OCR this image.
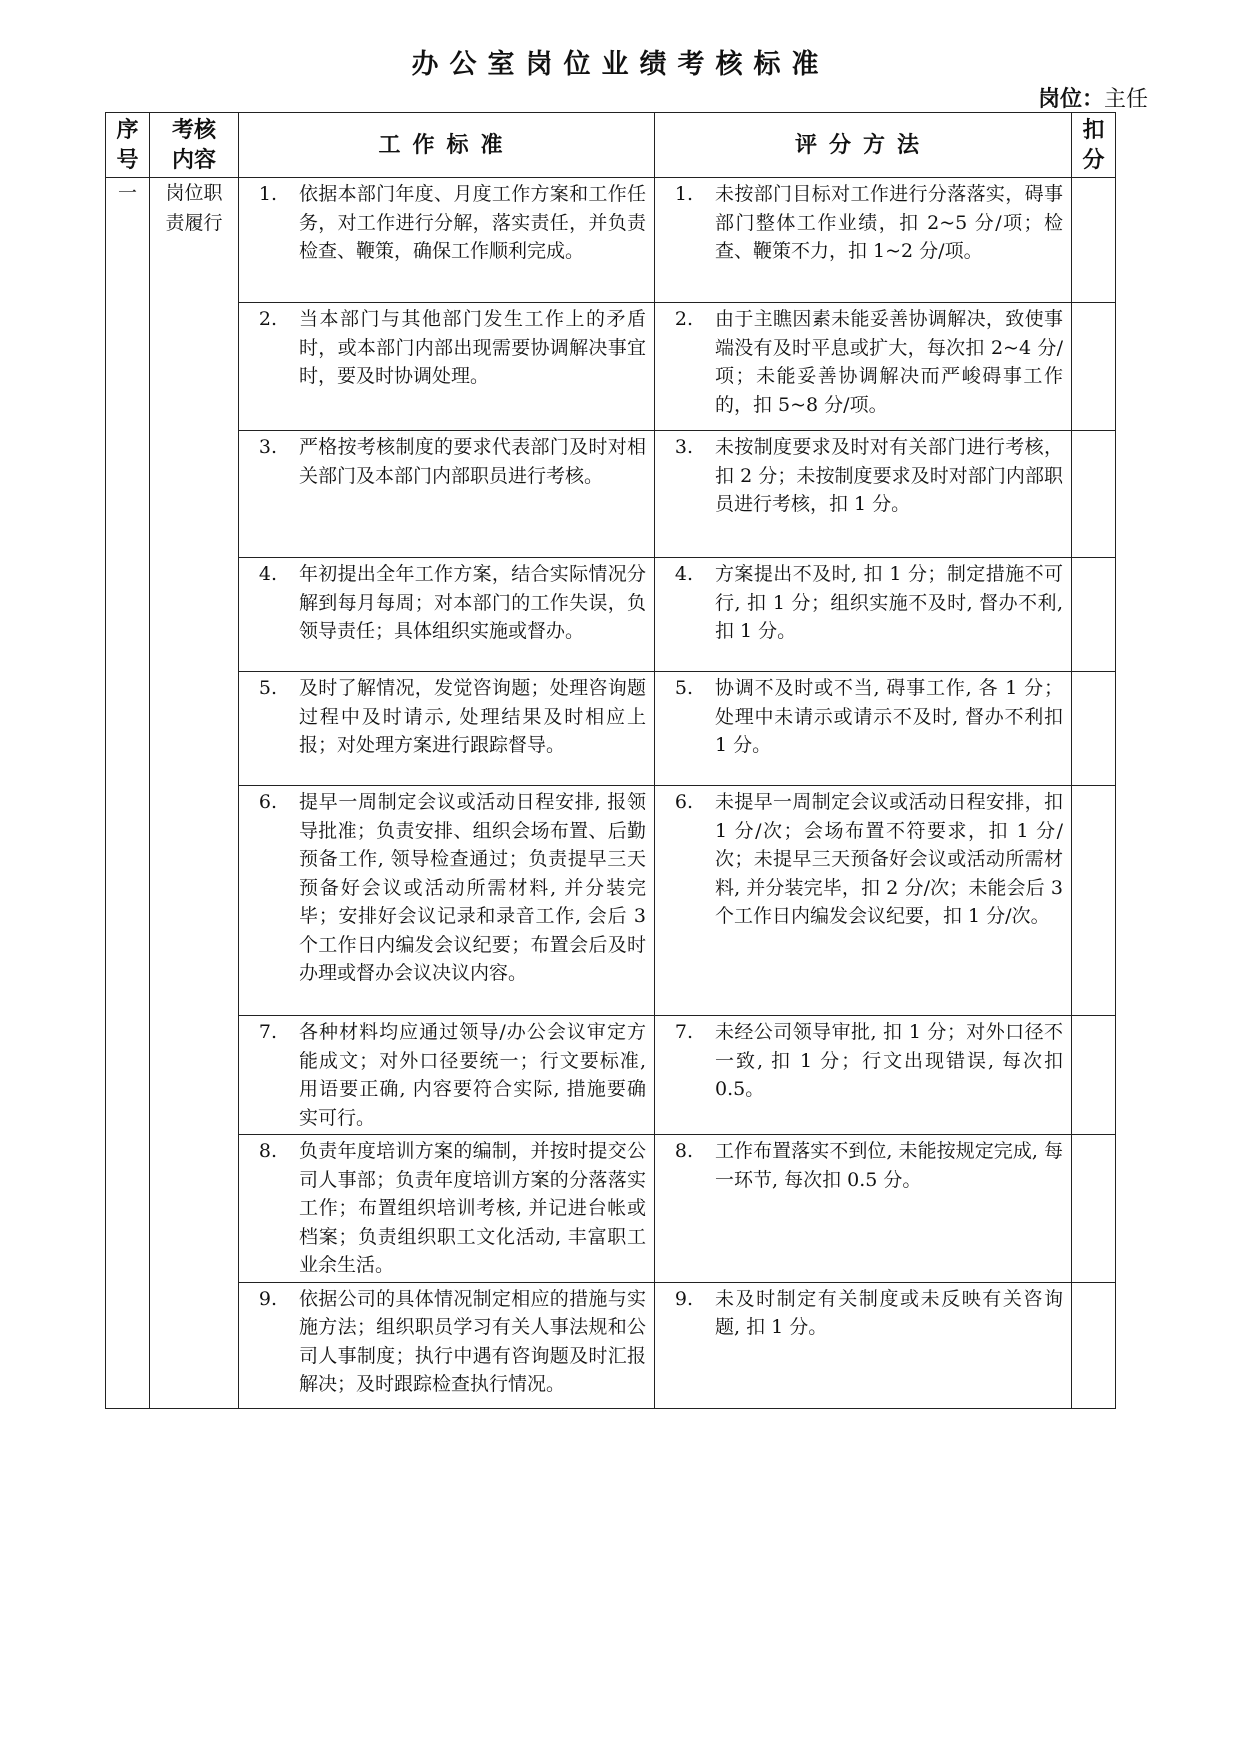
办公室岗位业绩考核标准
岗位：主任
序号	考核内容	工作标准	评分方法	扣分
一	岗位职责履行	1. 依据本部门年度、月度工作方案和工作任务，对工作进行分解，落实责任，并负责检查、鞭策，确保工作顺利完成。	1. 未按部门目标对工作进行分落落实，碍事部门整体工作业绩，扣 2~5 分/项；检查、鞭策不力，扣 1~2 分/项。	

		2. 当本部门与其他部门发生工作上的矛盾时，或本部门内部出现需要协调解决事宜时，要及时协调处理。	2. 由于主瞧因素未能妥善协调解决，致使事端没有及时平息或扩大，每次扣 2~4 分/项；未能妥善协调解决而严峻碍事工作的，扣 5~8 分/项。	

		3. 严格按考核制度的要求代表部门及时对相关部门及本部门内部职员进行考核。	3. 未按制度要求及时对有关部门进行考核，扣 2 分；未按制度要求及时对部门内部职员进行考核，扣 1 分。	

		4. 年初提出全年工作方案，结合实际情况分解到每月每周；对本部门的工作失误，负领导责任；具体组织实施或督办。	4. 方案提出不及时, 扣 1 分；制定措施不可行, 扣 1 分；组织实施不及时, 督办不利, 扣 1 分。	

		5. 及时了解情况，发觉咨询题；处理咨询题过程中及时请示, 处理结果及时相应上报；对处理方案进行跟踪督导。	5. 协调不及时或不当, 碍事工作, 各 1 分；处理中未请示或请示不及时, 督办不利扣 1 分。	

		6. 提早一周制定会议或活动日程安排, 报领导批准；负责安排、组织会场布置、后勤预备工作, 领导检查通过；负责提早三天预备好会议或活动所需材料, 并分装完毕；安排好会议记录和录音工作, 会后 3 个工作日内编发会议纪要；布置会后及时办理或督办会议决议内容。	6. 未提早一周制定会议或活动日程安排，扣 1 分/次；会场布置不符要求，扣 1 分/次；未提早三天预备好会议或活动所需材料, 并分装完毕，扣 2 分/次；未能会后 3 个工作日内编发会议纪要，扣 1 分/次。	

		7. 各种材料均应通过领导/办公会议审定方能成文；对外口径要统一；行文要标准, 用语要正确, 内容要符合实际, 措施要确实可行。	7. 未经公司领导审批, 扣 1 分；对外口径不一致, 扣 1 分；行文出现错误, 每次扣 0.5。	

		8. 负责年度培训方案的编制，并按时提交公司人事部；负责年度培训方案的分落落实工作；布置组织培训考核, 并记进台帐或档案；负责组织职工文化活动, 丰富职工业余生活。	8. 工作布置落实不到位, 未能按规定完成, 每一环节, 每次扣 0.5 分。	

		9. 依据公司的具体情况制定相应的措施与实施方法；组织职员学习有关人事法规和公司人事制度；执行中遇有咨询题及时汇报解决；及时跟踪检查执行情况。	9. 未及时制定有关制度或未反映有关咨询题, 扣 1 分。	
